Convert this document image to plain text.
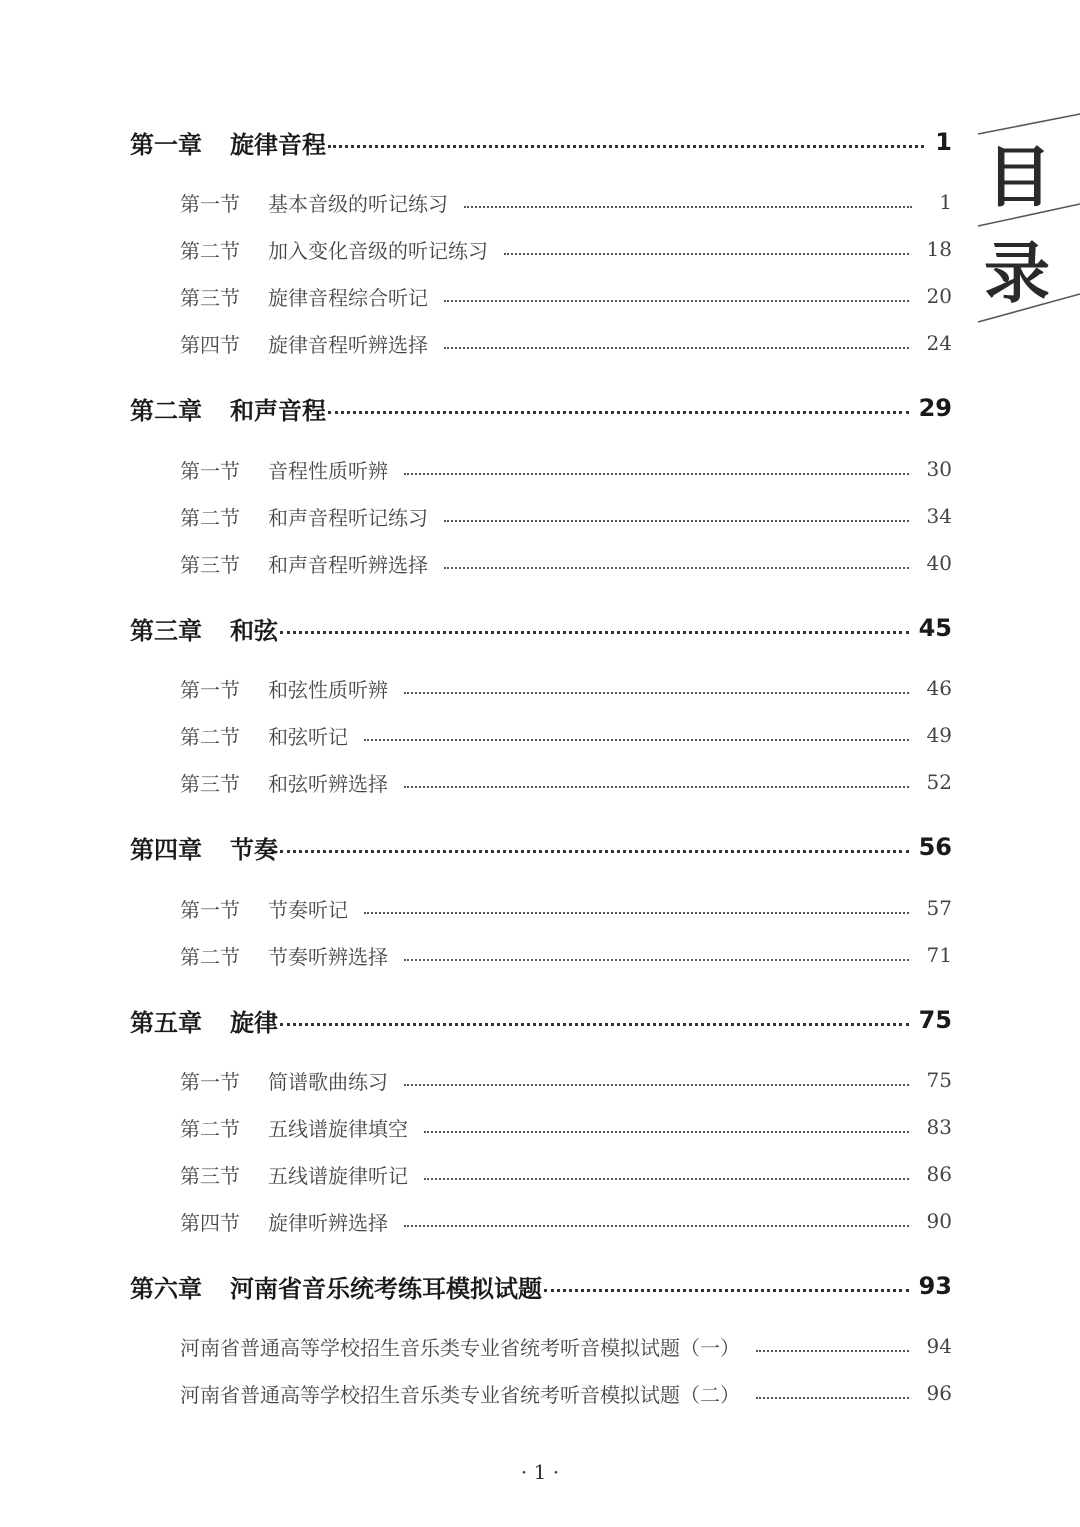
第一章	旋律音程	1
第一节	基本音级的听记练习	1
第二节	加入变化音级的听记练习	18
第三节	旋律音程综合听记	20
第四节	旋律音程听辨选择	24
第二章	和声音程	29
第一节	音程性质听辨	30
第二节	和声音程听记练习	34
第三节	和声音程听辨选择	40
第三章	和弦	45
第一节	和弦性质听辨	46
第二节	和弦听记	49
第三节	和弦听辨选择	52
第四章	节奏	56
第一节	节奏听记	57
第二节	节奏听辨选择	71
第五章	旋律	75
第一节	简谱歌曲练习	75
第二节	五线谱旋律填空	83
第三节	五线谱旋律听记	86
第四节	旋律听辨选择	90
第六章	河南省音乐统考练耳模拟试题	93
河南省普通高等学校招生音乐类专业省统考听音模拟试题（一）	94
河南省普通高等学校招生音乐类专业省统考听音模拟试题（二）	96
目
录
· 1 ·
